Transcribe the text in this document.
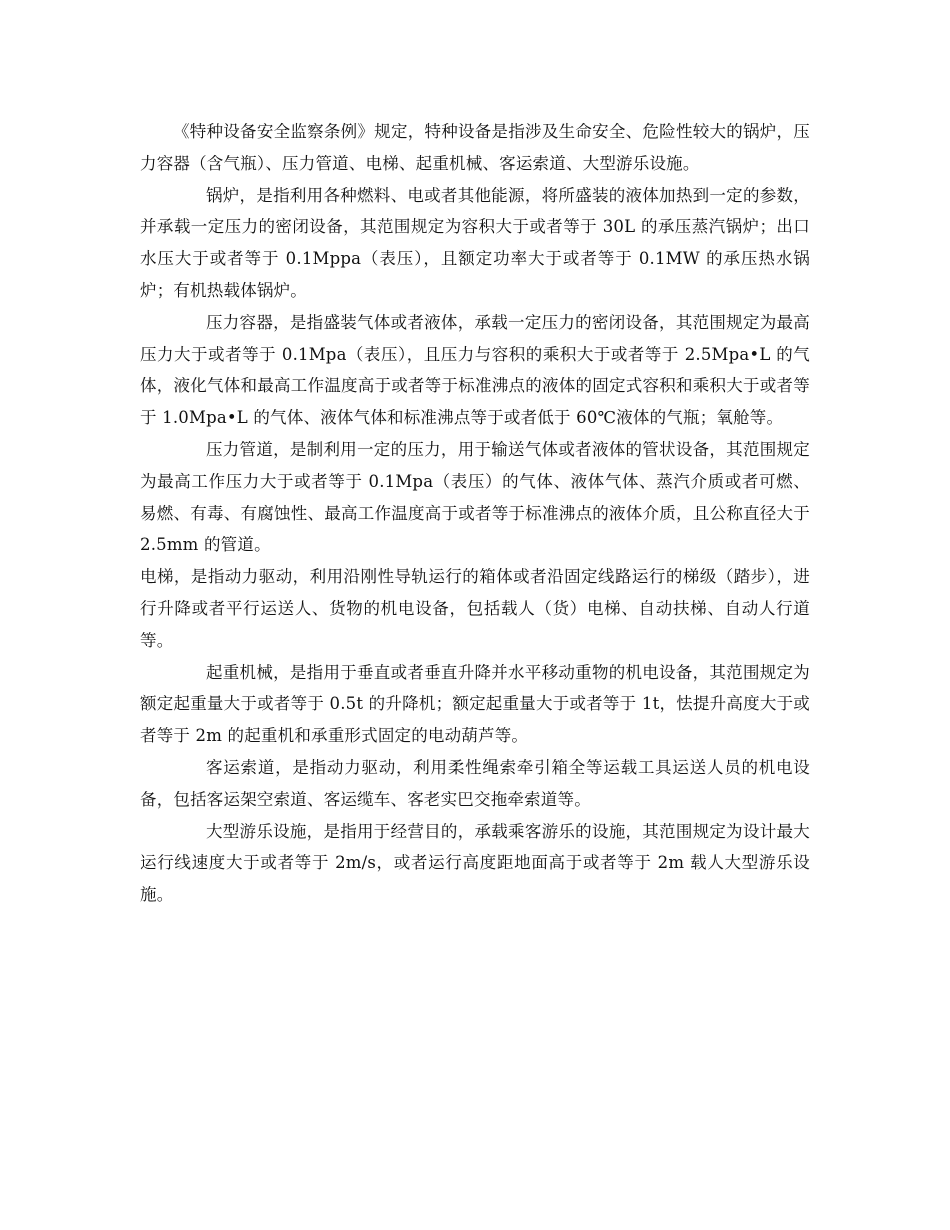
《特种设备安全监察条例》规定，特种设备是指涉及生命安全、危险性较大的锅炉，压力容器（含气瓶）、压力管道、电梯、起重机械、客运索道、大型游乐设施。

锅炉，是指利用各种燃料、电或者其他能源，将所盛装的液体加热到一定的参数，并承载一定压力的密闭设备，其范围规定为容积大于或者等于 30L 的承压蒸汽锅炉；出口水压大于或者等于 0.1Mppa（表压），且额定功率大于或者等于 0.1MW 的承压热水锅炉；有机热载体锅炉。

压力容器，是指盛装气体或者液体，承载一定压力的密闭设备，其范围规定为最高压力大于或者等于 0.1Mpa（表压），且压力与容积的乘积大于或者等于 2.5Mpa•L 的气体，液化气体和最高工作温度高于或者等于标准沸点的液体的固定式容积和乘积大于或者等于 1.0Mpa•L 的气体、液体气体和标准沸点等于或者低于 60℃液体的气瓶；氧舱等。

压力管道，是制利用一定的压力，用于输送气体或者液体的管状设备，其范围规定为最高工作压力大于或者等于 0.1Mpa（表压）的气体、液体气体、蒸汽介质或者可燃、易燃、有毒、有腐蚀性、最高工作温度高于或者等于标准沸点的液体介质，且公称直径大于 2.5mm 的管道。

电梯，是指动力驱动，利用沿刚性导轨运行的箱体或者沿固定线路运行的梯级（踏步），进行升降或者平行运送人、货物的机电设备，包括载人（货）电梯、自动扶梯、自动人行道等。

起重机械，是指用于垂直或者垂直升降并水平移动重物的机电设备，其范围规定为额定起重量大于或者等于 0.5t 的升降机；额定起重量大于或者等于 1t，怯提升高度大于或者等于 2m 的起重机和承重形式固定的电动葫芦等。

客运索道，是指动力驱动，利用柔性绳索牵引箱全等运载工具运送人员的机电设备，包括客运架空索道、客运缆车、客老实巴交拖牵索道等。

大型游乐设施，是指用于经营目的，承载乘客游乐的设施，其范围规定为设计最大运行线速度大于或者等于 2m/s，或者运行高度距地面高于或者等于 2m 载人大型游乐设施。
